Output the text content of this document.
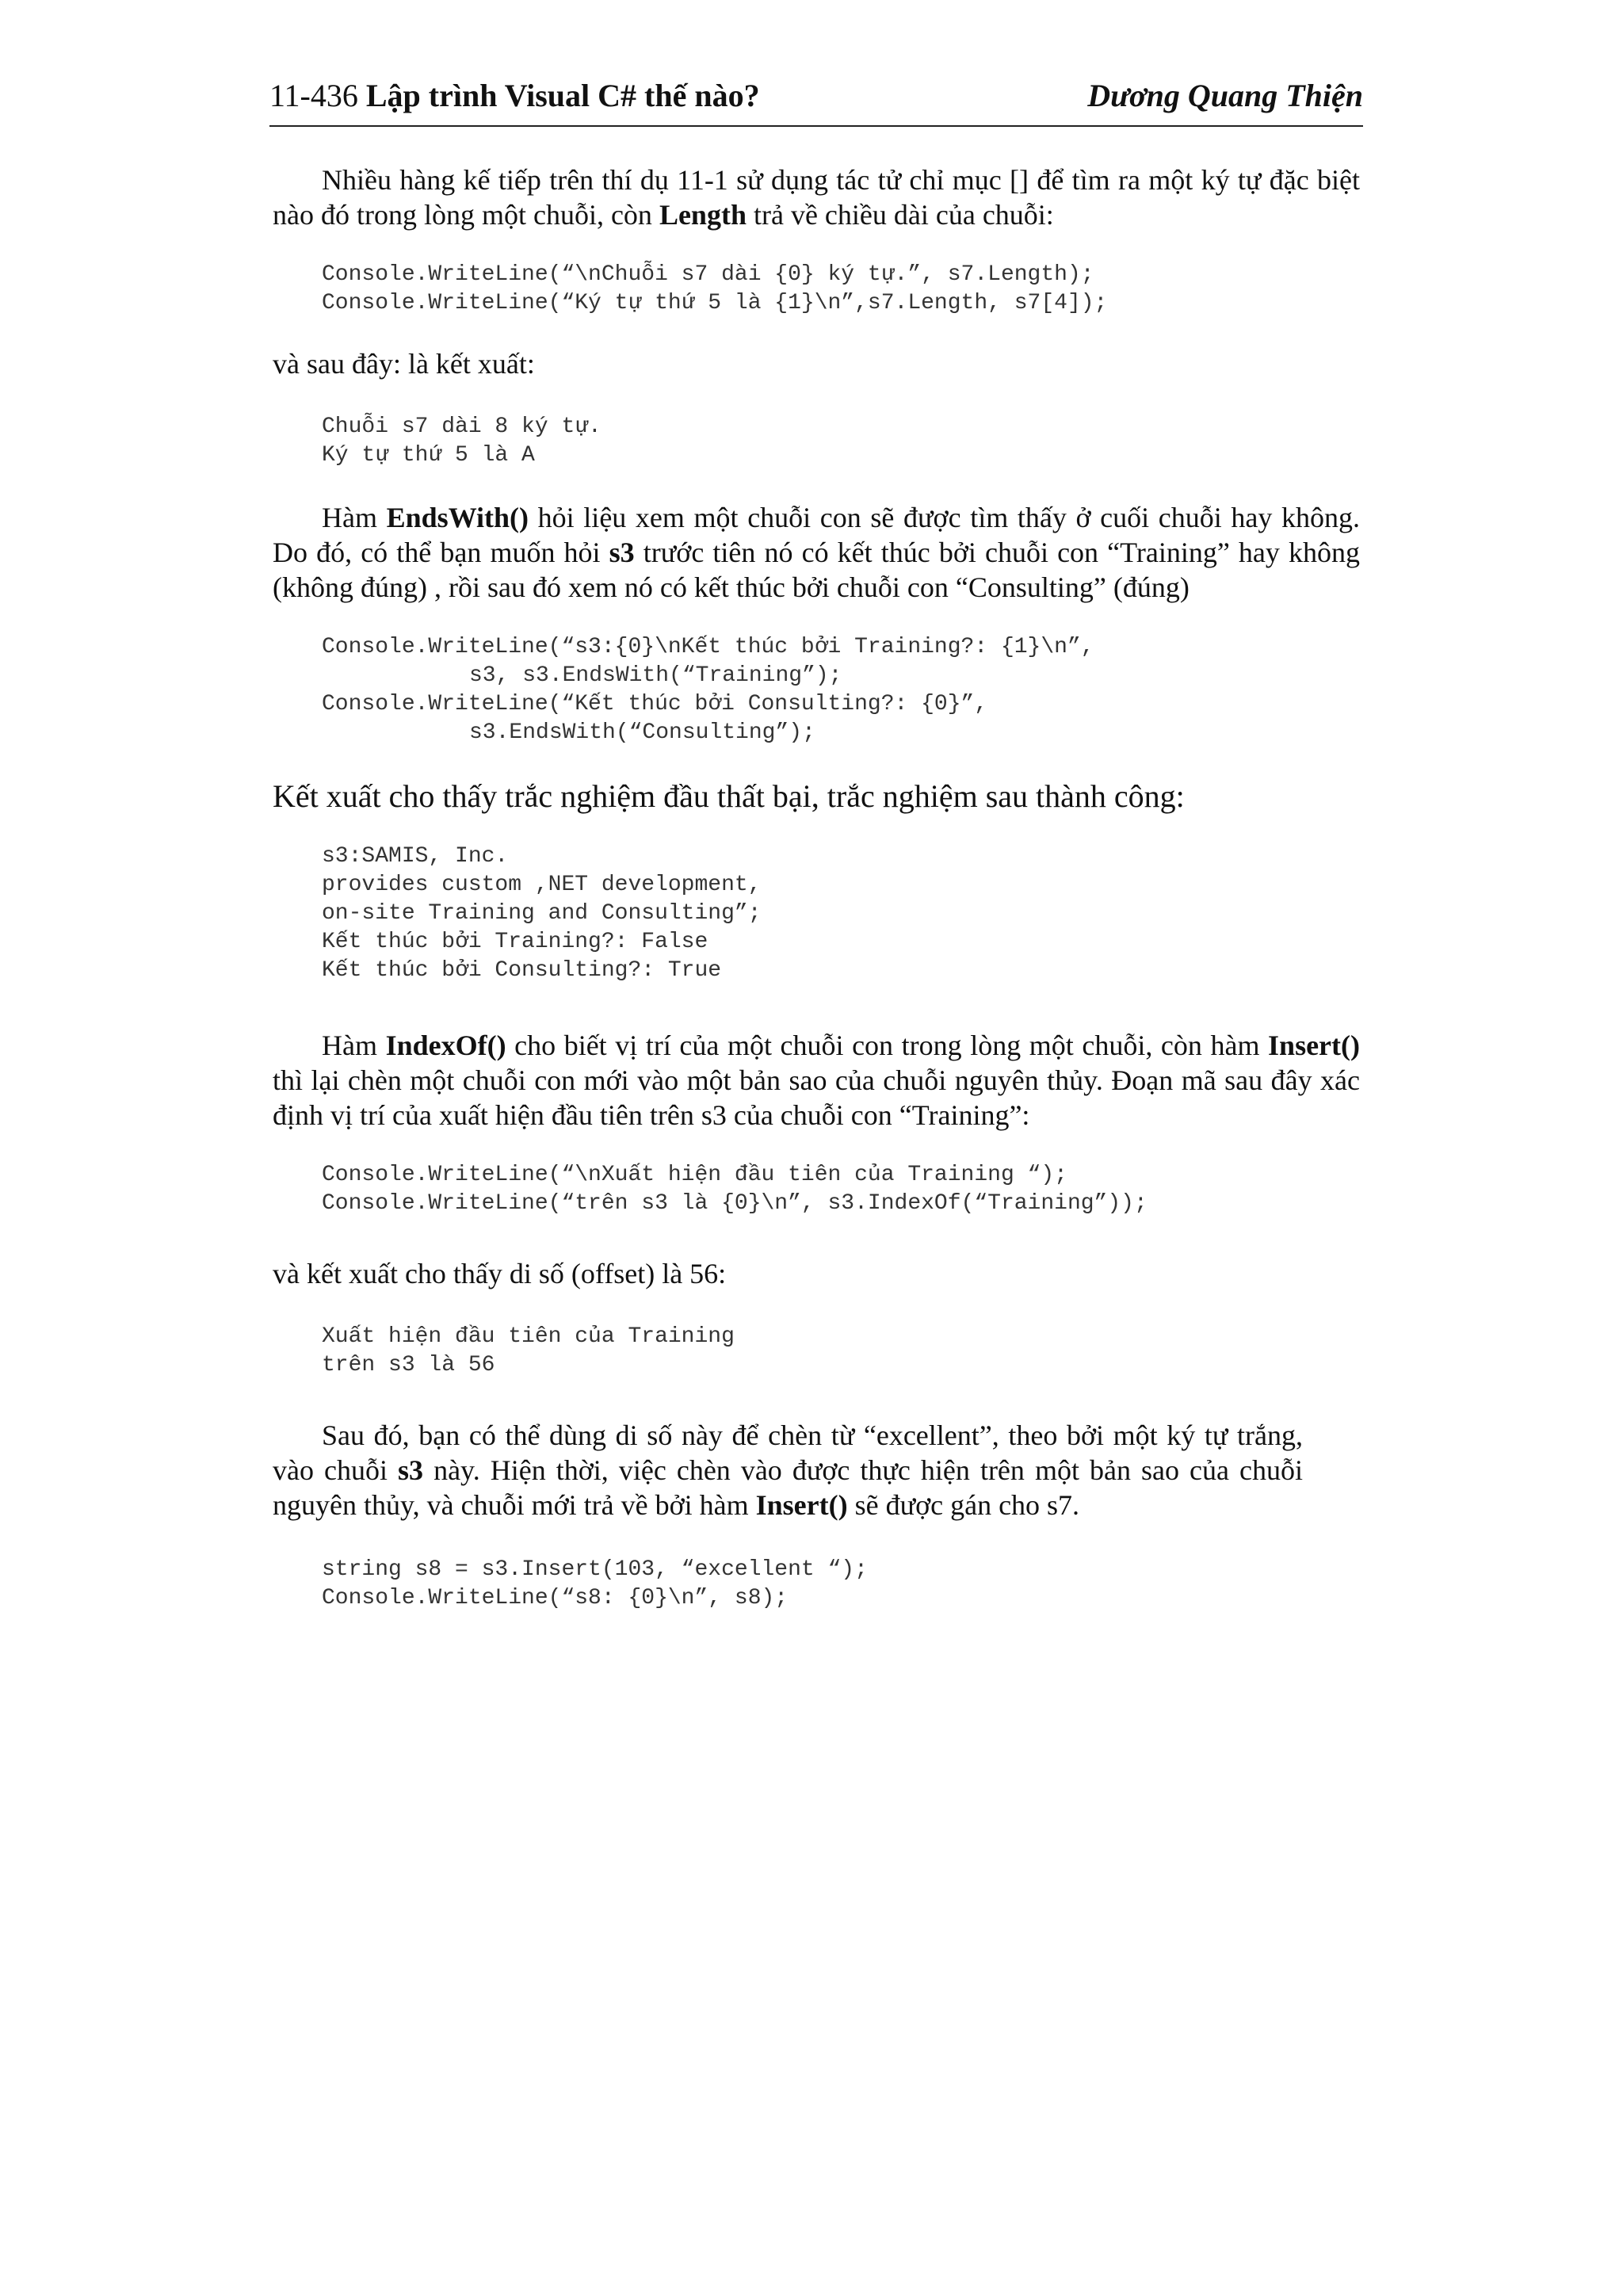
11-436 Lập trình Visual C# thế nào?	Dương Quang Thiện

Nhiều hàng kế tiếp trên thí dụ 11-1 sử dụng tác tử chỉ mục [] để tìm ra một ký tự đặc biệt nào đó trong lòng một chuỗi, còn Length trả về chiều dài của chuỗi:

Console.WriteLine(“\nChuỗi s7 dài {0} ký tự.”, s7.Length);
Console.WriteLine(“Ký tự thứ 5 là {1}\n”,s7.Length, s7[4]);

và sau đây: là kết xuất:

Chuỗi s7 dài 8 ký tự.
Ký tự thứ 5 là A

Hàm EndsWith() hỏi liệu xem một chuỗi con sẽ được tìm thấy ở cuối chuỗi hay không. Do đó, có thể bạn muốn hỏi s3 trước tiên nó có kết thúc bởi chuỗi con “Training” hay không (không đúng) , rồi sau đó xem nó có kết thúc bởi chuỗi con “Consulting” (đúng)

Console.WriteLine(“s3:{0}\nKết thúc bởi Training?: {1}\n”,
s3, s3.EndsWith(“Training”);
Console.WriteLine(“Kết thúc bởi Consulting?: {0}”,
s3.EndsWith(“Consulting”);

Kết xuất cho thấy trắc nghiệm đầu thất bại, trắc nghiệm sau thành công:

s3:SAMIS, Inc.
provides custom ,NET development,
on-site Training and Consulting”;
Kết thúc bởi Training?: False
Kết thúc bởi Consulting?: True

Hàm IndexOf() cho biết vị trí của một chuỗi con trong lòng một chuỗi, còn hàm Insert() thì lại chèn một chuỗi con mới vào một bản sao của chuỗi nguyên thủy. Đoạn mã sau đây xác định vị trí của xuất hiện đầu tiên trên s3 của chuỗi con “Training”:

Console.WriteLine(“\nXuất hiện đầu tiên của Training “);
Console.WriteLine(“trên s3 là {0}\n”, s3.IndexOf(“Training”));

và kết xuất cho thấy di số (offset) là 56:

Xuất hiện đầu tiên của Training
trên s3 là 56

Sau đó, bạn có thể dùng di số này để chèn từ “excellent”, theo bởi một ký tự trắng, vào chuỗi s3 này. Hiện thời, việc chèn vào được thực hiện trên một bản sao của chuỗi nguyên thủy, và chuỗi mới trả về bởi hàm Insert() sẽ được gán cho s7.

string s8 = s3.Insert(103, “excellent “);
Console.WriteLine(“s8: {0}\n”, s8);
